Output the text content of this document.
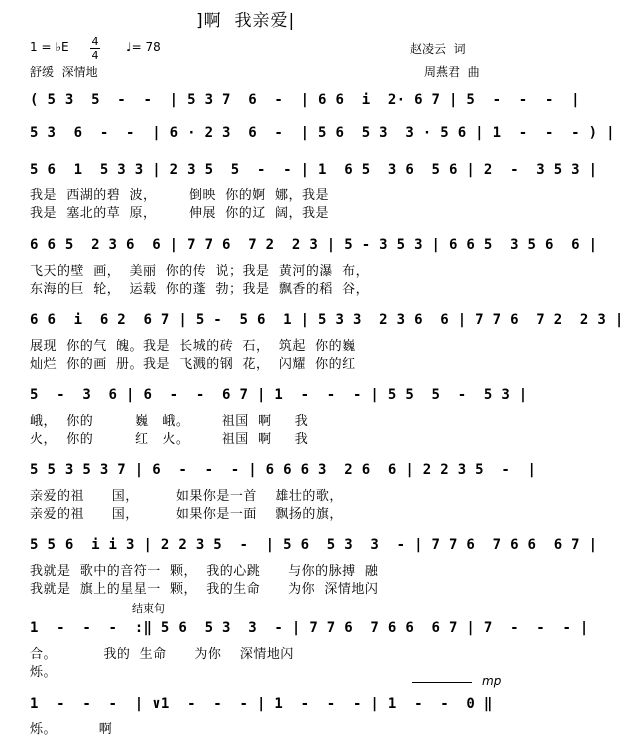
]啊  我亲爱|
1 = ♭E 4
4
♩= 78
舒缓  深情地
赵凌云  词
周燕君  曲
( 5 3  5  -  -  | 5 3 7  6  -  | 6 6  i  2· 6 7 | 5  -  -  -  |
5 3  6  -  -  | 6 · 2 3  6  -  | 5 6  5 3  3 · 5 6 | 1  -  -  - ) |
5 6  1  5 3 3 | 2 3 5  5  -  - | 1  6 5  3 6  5 6 | 2  -  3 5 3 |
我是  西湖的碧  波，       倒映  你的婀  娜，我是
我是  塞北的草  原，       伸展  你的辽  阔，我是
6 6 5  2 3 6  6 | 7 7 6  7 2  2 3 | 5 - 3 5 3 | 6 6 5  3 5 6  6 |
飞天的壁  画，  美丽  你的传  说；我是  黄河的瀑  布，
东海的巨  轮，  运载  你的蓬  勃；我是  飘香的稻  谷，
6 6  i  6 2  6 7 | 5 -  5 6  1 | 5 3 3  2 3 6  6 | 7 7 6  7 2  2 3 |
展现  你的气  魄。我是  长城的砖  石，  筑起  你的巍
灿烂  你的画  册。我是  飞溅的钢  花，  闪耀  你的红
5  -  3  6 | 6  -  -  6 7 | 1  -  -  - | 5 5  5  -  5 3 |
峨，  你的         巍   峨。       祖国  啊     我
火，  你的         红   火。       祖国  啊     我
5 5 3 5 3 7 | 6  -  -  - | 6 6 6 3  2 6  6 | 2 2 3 5  -  |
亲爱的祖      国，        如果你是一首    雄壮的歌，
亲爱的祖      国，        如果你是一面    飘扬的旗，
5 5 6  i i 3 | 2 2 3 5  -  | 5 6  5 3  3  - | 7 7 6  7 6 6  6 7 |
我就是  歌中的音符一  颗，  我的心跳      与你的脉搏  融
我就是  旗上的星星一  颗，  我的生命      为你  深情地闪
结束句
1  -  -  -  :‖ 5 6  5 3  3  - | 7 7 6  7 6 6  6 7 | 7  -  -  - |
合。          我的  生命      为你    深情地闪
烁。
mp
1  -  -  -  | ∨1  -  -  - | 1  -  -  - | 1  -  -  0 ‖
烁。         啊
